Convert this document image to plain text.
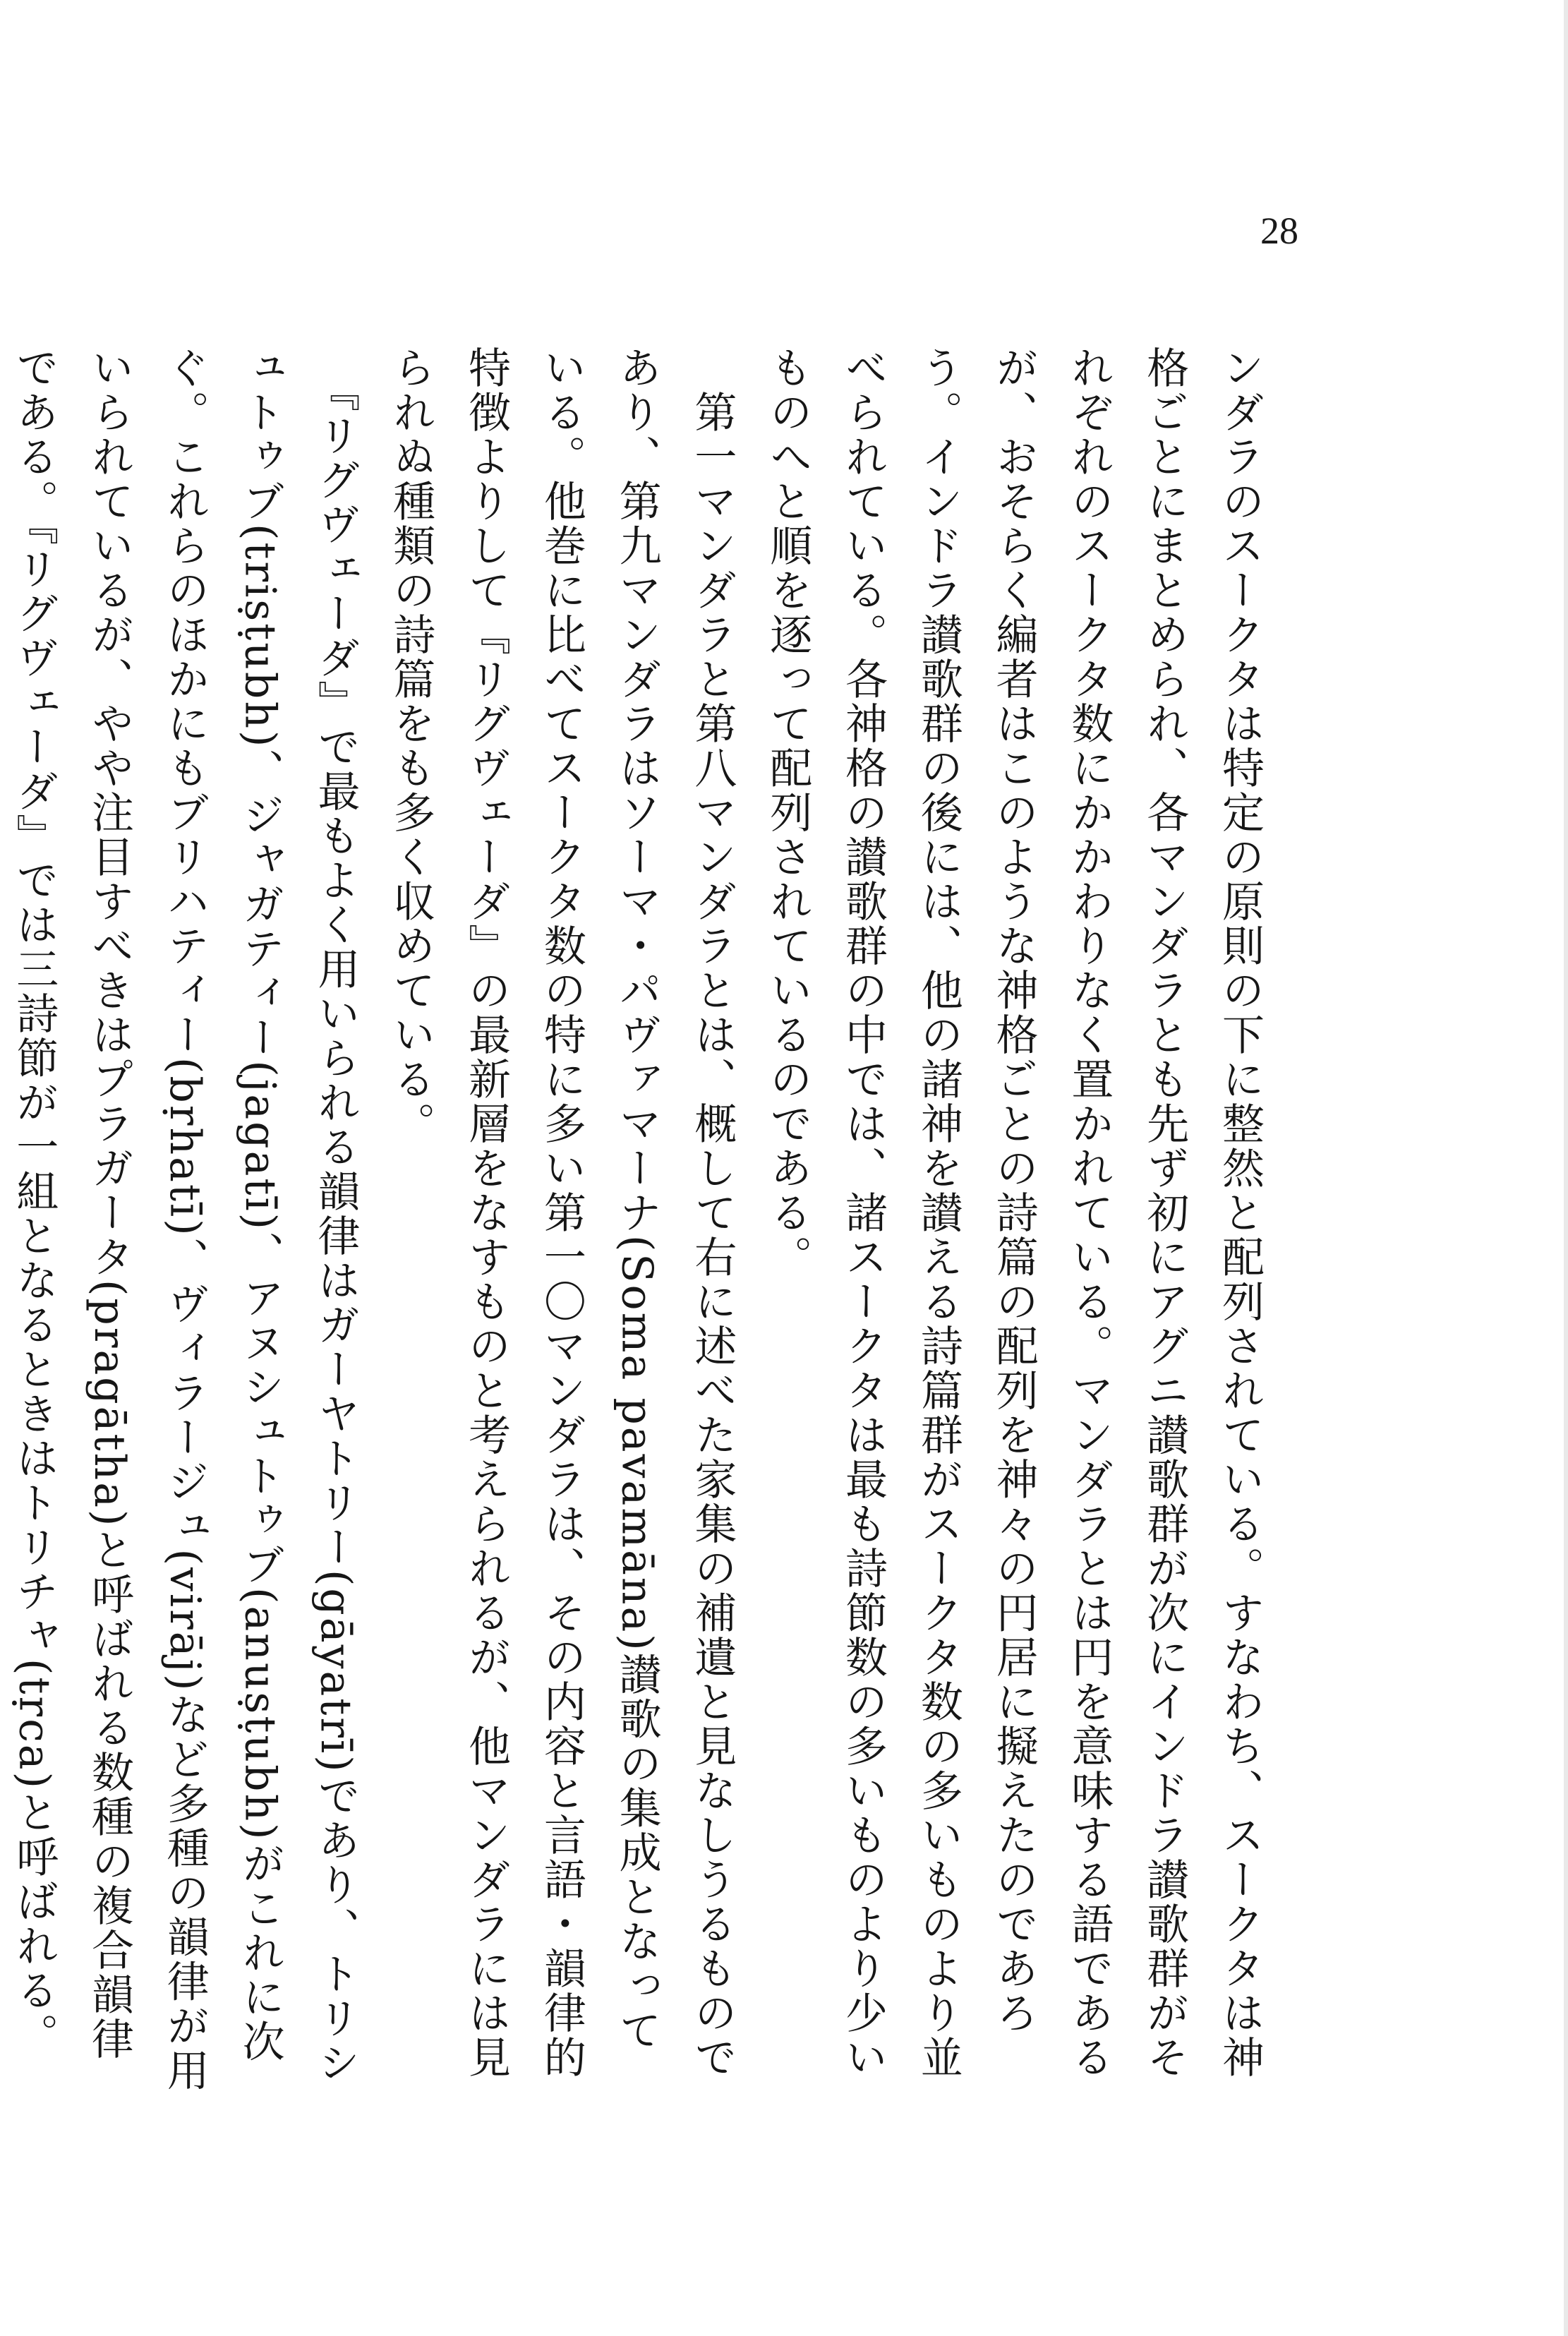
28

ンダラのスークタは特定の原則の下に整然と配列されている。すなわち、スークタは神格ごとにまとめられ、各マンダラとも先ず初にアグニ讃歌群が次にインドラ讃歌群がそれぞれのスークタ数にかかわりなく置かれている。マンダラとは円を意味する語であるが、おそらく編者はこのような神格ごとの詩篇の配列を神々の円居に擬えたのであろう。インドラ讃歌群の後には、他の諸神を讃える詩篇群がスークタ数の多いものより並べられている。各神格の讃歌群の中では、諸スークタは最も詩節数の多いものより少いものへと順を逐って配列されているのである。

　第一マンダラと第八マンダラとは、概して右に述べた家集の補遺と見なしうるものであり、第九マンダラはソーマ・パヴァマーナ(Soma pavamāna)讃歌の集成となっている。他巻に比べてスークタ数の特に多い第一〇マンダラは、その内容と言語・韻律的特徴よりして『リグヴェーダ』の最新層をなすものと考えられるが、他マンダラには見られぬ種類の詩篇をも多く収めている。

　『リグヴェーダ』で最もよく用いられる韻律はガーヤトリー(gāyatrī)であり、トリシュトゥブ(triṣṭubh)、ジャガティー(jagatī)、アヌシュトゥブ(anuṣṭubh)がこれに次ぐ。これらのほかにもブリハティー(bṛhatī)、ヴィラージュ(virāj)など多種の韻律が用いられているが、やや注目すべきはプラガータ(pragātha)と呼ばれる数種の複合韻律である。『リグヴェーダ』では三詩節が一組となるときはトリチャ(tṛca)と呼ばれる。
